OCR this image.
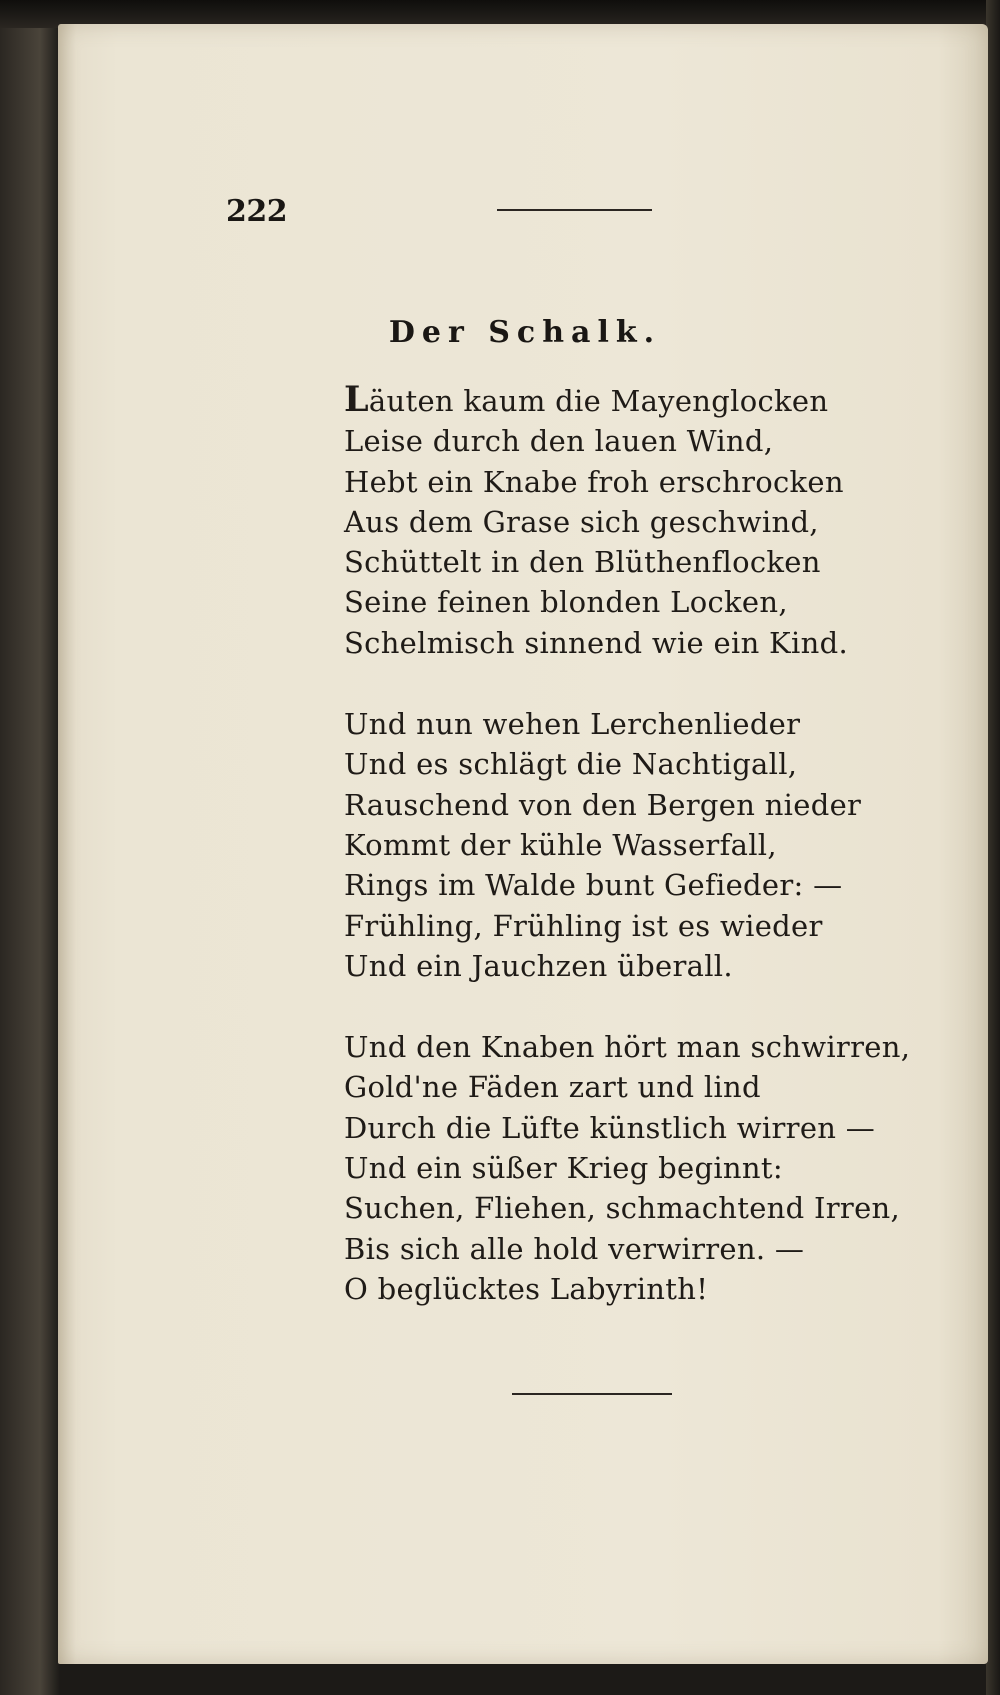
222
Der Schalk.
Läuten kaum die Mayenglocken
Leise durch den lauen Wind,
Hebt ein Knabe froh erschrocken
Aus dem Grase sich geschwind,
Schüttelt in den Blüthenflocken
Seine feinen blonden Locken,
Schelmisch sinnend wie ein Kind.
Und nun wehen Lerchenlieder
Und es schlägt die Nachtigall,
Rauschend von den Bergen nieder
Kommt der kühle Wasserfall,
Rings im Walde bunt Gefieder: —
Frühling, Frühling ist es wieder
Und ein Jauchzen überall.
Und den Knaben hört man schwirren,
Gold'ne Fäden zart und lind
Durch die Lüfte künstlich wirren —
Und ein süßer Krieg beginnt:
Suchen, Fliehen, schmachtend Irren,
Bis sich alle hold verwirren. —
O beglücktes Labyrinth!
